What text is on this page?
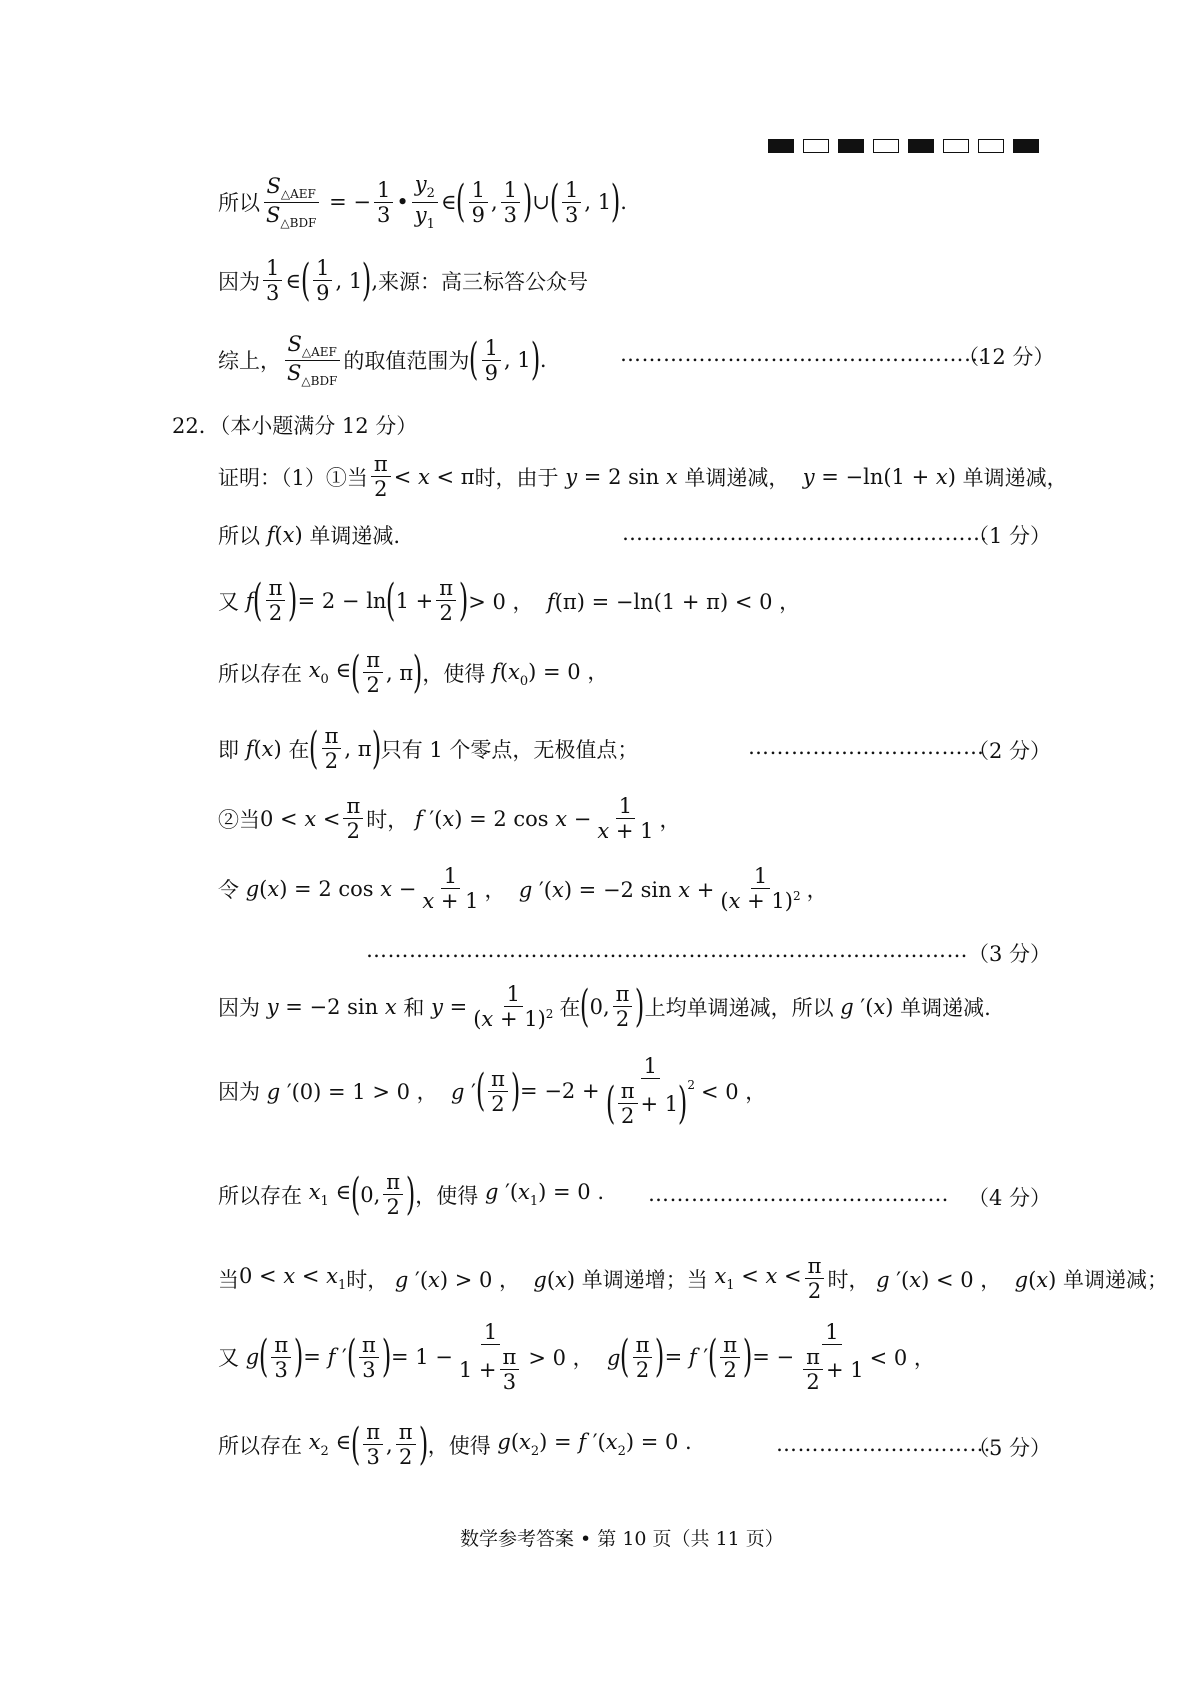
所以 $\frac{S_{\triangle AEF}}{S_{\triangle BDF}}$ = − $\frac{1}{3}$ • $\frac{y_2}{y_1}$ ∈ ( $\frac{1}{9}$ , $\frac{1}{3}$ ) ∪ ( $\frac{1}{3}$ , 1 ) .
因为 $\frac{1}{3}$ ∈ ( $\frac{1}{9}$ , 1 ) , 来源：高三标答公众号
综上， $\frac{S_{\triangle AEF}}{S_{\triangle BDF}}$ 的取值范围为 ( $\frac{1}{9}$ , 1 ) .	……………………………………………
（12 分）
22．（本小题满分 12 分）
证明：（1）①当 $\frac{\pi}{2} < x < \pi$ 时，由于 y = 2 sin x 单调递减， y = −ln(1 + x) 单调递减，
所以 f(x) 单调递减.	……………………………………………
（1 分）
又 f ( $\frac{\pi}{2}$ ) = 2 − ln ( $1 + \frac{\pi}{2}$ ) > 0 ，  f(π) = −ln(1 + π) < 0 ，
所以存在 $x_0$ ∈ ( $\frac{\pi}{2}$ , π ) ，使得 $f(x_0) = 0$ ，
即 f(x) 在 ( $\frac{\pi}{2}$ , π ) 只有 1 个零点，无极值点；	……………………………
（2 分）
②当 $0 < x < \frac{\pi}{2}$ 时， f ′(x) = 2 $\cos x - \frac{1}{x + 1}$ ，
令 g(x) = 2 $\cos x - \frac{1}{x + 1}$ ，  g ′(x) = −2 $\sin x + \frac{1}{(x + 1)^2}$ ，
………………………………………………………………………… （3 分）
因为 y = −2 sin x 和 $y = \frac{1}{(x + 1)^2}$ 在 ( 0, $\frac{\pi}{2}$ ) 上均单调递减，所以 g ′(x) 单调递减.
因为 g ′(0) = 1 > 0 ，  g ′ ( $\frac{\pi}{2}$ ) = $-2 + \frac{1}{( \frac{\pi}{2} + 1 )^2} < 0$ ，
所以存在 $x_1$ ∈ ( 0, $\frac{\pi}{2}$ ) ，使得 g $'(x_1) = 0$ . …………………………………… （4 分）
当 $0 < x < x_1$ 时， g ′(x) > 0 ，  g(x) 单调递增；当 $x_1 < x < \frac{\pi}{2}$ 时， g ′(x) < 0 ，  g(x) 单调递减；
又 g ( $\frac{\pi}{3}$ ) = f ′ ( $\frac{\pi}{3}$ ) = $1 - \frac{1}{1 + \frac{\pi}{3}} > 0$ ，  g ( $\frac{\pi}{2}$ ) = f ′ ( $\frac{\pi}{2}$ ) = − $\frac{1}{\frac{\pi}{2} + 1} < 0$ ，
所以存在 $x_2$ ∈ ( $\frac{\pi}{3}$ , $\frac{\pi}{2}$ ) ，使得 $g(x_2) = f$ $'(x_2) = 0$ .	…………………………
（5 分）
数学参考答案 • 第 10 页（共 11 页）
